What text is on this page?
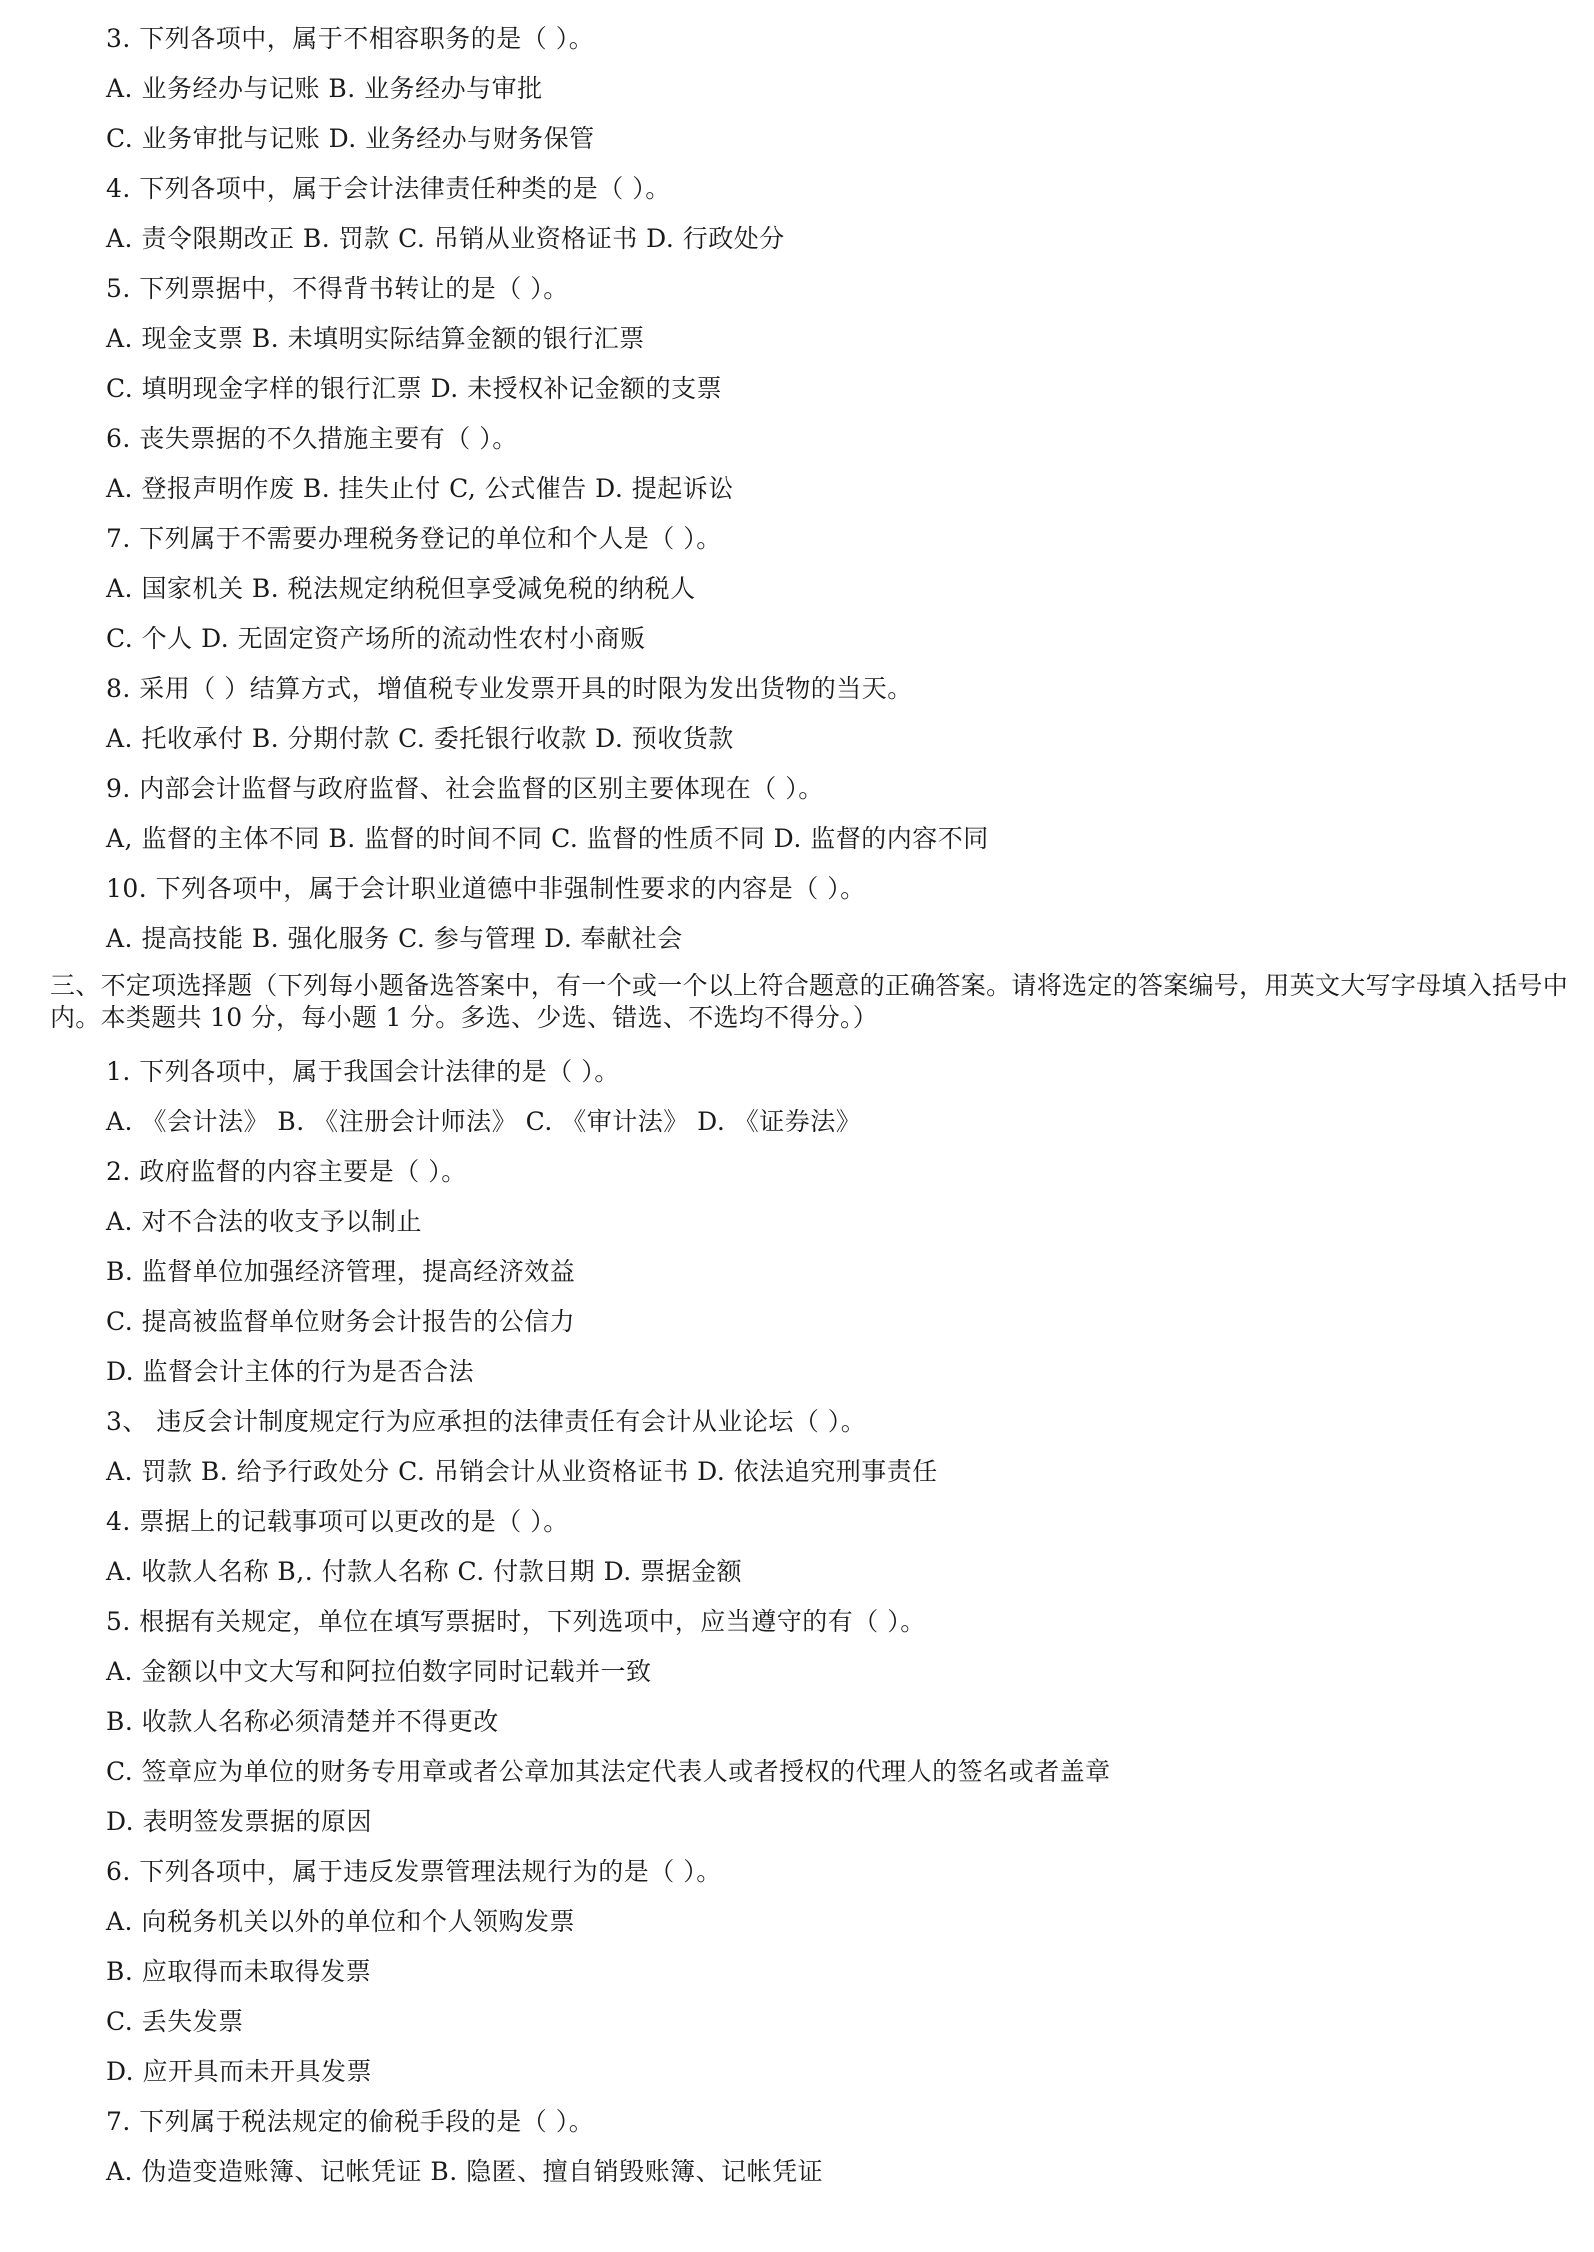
3. 下列各项中，属于不相容职务的是（ ）。
A. 业务经办与记账 B. 业务经办与审批
C. 业务审批与记账 D. 业务经办与财务保管
4. 下列各项中，属于会计法律责任种类的是（ ）。
A. 责令限期改正 B. 罚款 C. 吊销从业资格证书 D. 行政处分
5. 下列票据中，不得背书转让的是（ ）。
A. 现金支票 B. 未填明实际结算金额的银行汇票
C. 填明现金字样的银行汇票 D. 未授权补记金额的支票
6. 丧失票据的不久措施主要有（ ）。
A. 登报声明作废 B. 挂失止付 C, 公式催告 D. 提起诉讼
7. 下列属于不需要办理税务登记的单位和个人是（ ）。
A. 国家机关 B. 税法规定纳税但享受减免税的纳税人
C. 个人 D. 无固定资产场所的流动性农村小商贩
8. 采用（ ）结算方式，增值税专业发票开具的时限为发出货物的当天。
A. 托收承付 B. 分期付款 C. 委托银行收款 D. 预收货款
9. 内部会计监督与政府监督、社会监督的区别主要体现在（ ）。
A, 监督的主体不同 B. 监督的时间不同 C. 监督的性质不同 D. 监督的内容不同
10. 下列各项中，属于会计职业道德中非强制性要求的内容是（ ）。
A. 提高技能 B. 强化服务 C. 参与管理 D. 奉献社会
三、不定项选择题（下列每小题备选答案中，有一个或一个以上符合题意的正确答案。请将选定的答案编号，用英文大写字母填入括号中内。本类题共 10 分，每小题 1 分。多选、少选、错选、不选均不得分。）
1. 下列各项中，属于我国会计法律的是（ ）。
A. 《会计法》 B. 《注册会计师法》 C. 《审计法》 D. 《证券法》
2. 政府监督的内容主要是（ ）。
A. 对不合法的收支予以制止
B. 监督单位加强经济管理，提高经济效益
C. 提高被监督单位财务会计报告的公信力
D. 监督会计主体的行为是否合法
3、 违反会计制度规定行为应承担的法律责任有会计从业论坛（ ）。
A. 罚款 B. 给予行政处分 C. 吊销会计从业资格证书 D. 依法追究刑事责任
4. 票据上的记载事项可以更改的是（ ）。
A. 收款人名称 B,. 付款人名称 C. 付款日期 D. 票据金额
5. 根据有关规定，单位在填写票据时，下列选项中，应当遵守的有（ ）。
A. 金额以中文大写和阿拉伯数字同时记载并一致
B. 收款人名称必须清楚并不得更改
C. 签章应为单位的财务专用章或者公章加其法定代表人或者授权的代理人的签名或者盖章
D. 表明签发票据的原因
6. 下列各项中，属于违反发票管理法规行为的是（ ）。
A. 向税务机关以外的单位和个人领购发票
B. 应取得而未取得发票
C. 丢失发票
D. 应开具而未开具发票
7. 下列属于税法规定的偷税手段的是（ ）。
A. 伪造变造账簿、记帐凭证 B. 隐匿、擅自销毁账簿、记帐凭证
